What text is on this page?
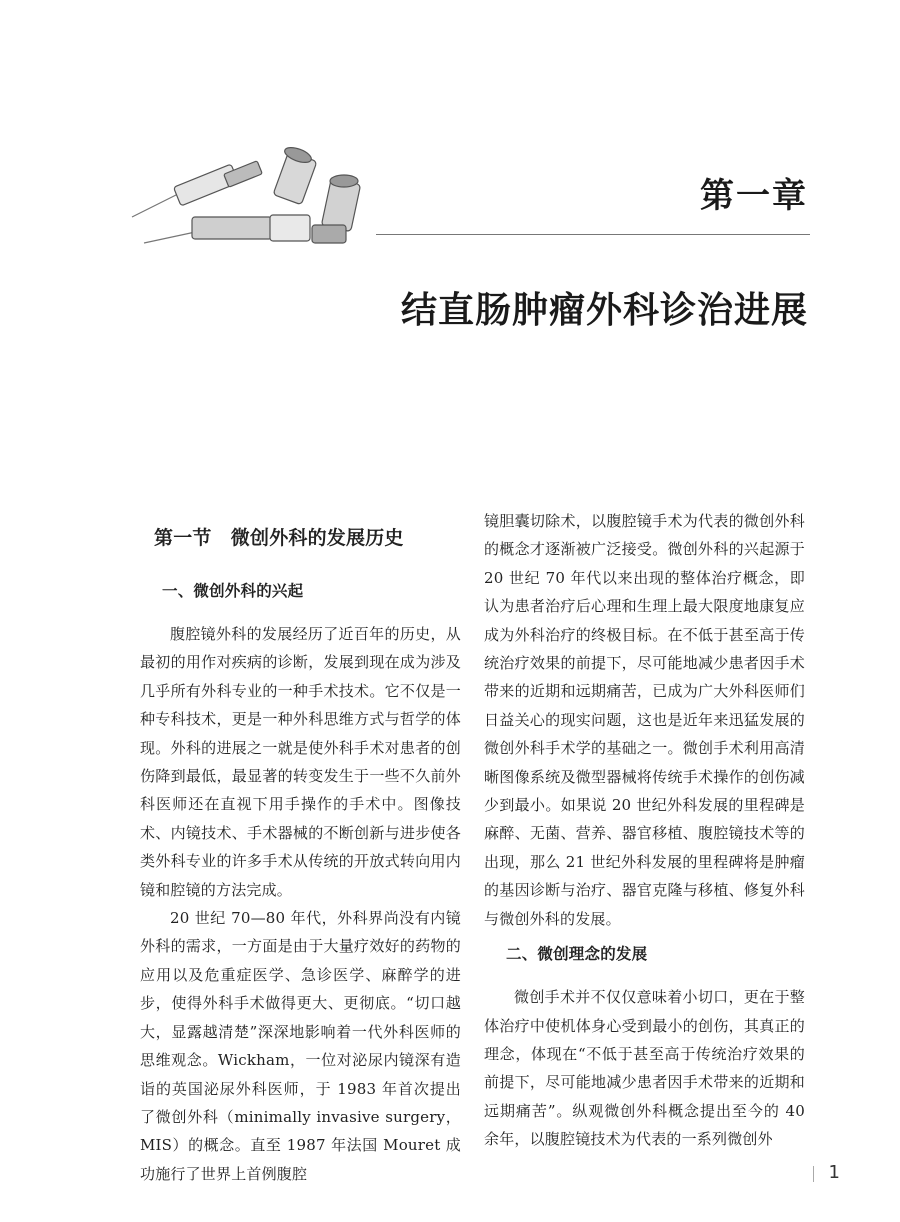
第一章
结直肠肿瘤外科诊治进展
第一节　微创外科的发展历史
一、微创外科的兴起

腹腔镜外科的发展经历了近百年的历史，从最初的用作对疾病的诊断，发展到现在成为涉及几乎所有外科专业的一种手术技术。它不仅是一种专科技术，更是一种外科思维方式与哲学的体现。外科的进展之一就是使外科手术对患者的创伤降到最低，最显著的转变发生于一些不久前外科医师还在直视下用手操作的手术中。图像技术、内镜技术、手术器械的不断创新与进步使各类外科专业的许多手术从传统的开放式转向用内镜和腔镜的方法完成。

20 世纪 70—80 年代，外科界尚没有内镜外科的需求，一方面是由于大量疗效好的药物的应用以及危重症医学、急诊医学、麻醉学的进步，使得外科手术做得更大、更彻底。“切口越大，显露越清楚”深深地影响着一代外科医师的思维观念。Wickham，一位对泌尿内镜深有造诣的英国泌尿外科医师，于 1983 年首次提出了微创外科（minimally invasive surgery，MIS）的概念。直至 1987 年法国 Mouret 成功施行了世界上首例腹腔

镜胆囊切除术，以腹腔镜手术为代表的微创外科的概念才逐渐被广泛接受。微创外科的兴起源于 20 世纪 70 年代以来出现的整体治疗概念，即认为患者治疗后心理和生理上最大限度地康复应成为外科治疗的终极目标。在不低于甚至高于传统治疗效果的前提下，尽可能地减少患者因手术带来的近期和远期痛苦，已成为广大外科医师们日益关心的现实问题，这也是近年来迅猛发展的微创外科手术学的基础之一。微创手术利用高清晰图像系统及微型器械将传统手术操作的创伤减少到最小。如果说 20 世纪外科发展的里程碑是麻醉、无菌、营养、器官移植、腹腔镜技术等的出现，那么 21 世纪外科发展的里程碑将是肿瘤的基因诊断与治疗、器官克隆与移植、修复外科与微创外科的发展。

二、微创理念的发展

微创手术并不仅仅意味着小切口，更在于整体治疗中使机体身心受到最小的创伤，其真正的理念，体现在“不低于甚至高于传统治疗效果的前提下，尽可能地减少患者因手术带来的近期和远期痛苦”。纵观微创外科概念提出至今的 40 余年，以腹腔镜技术为代表的一系列微创外

1
